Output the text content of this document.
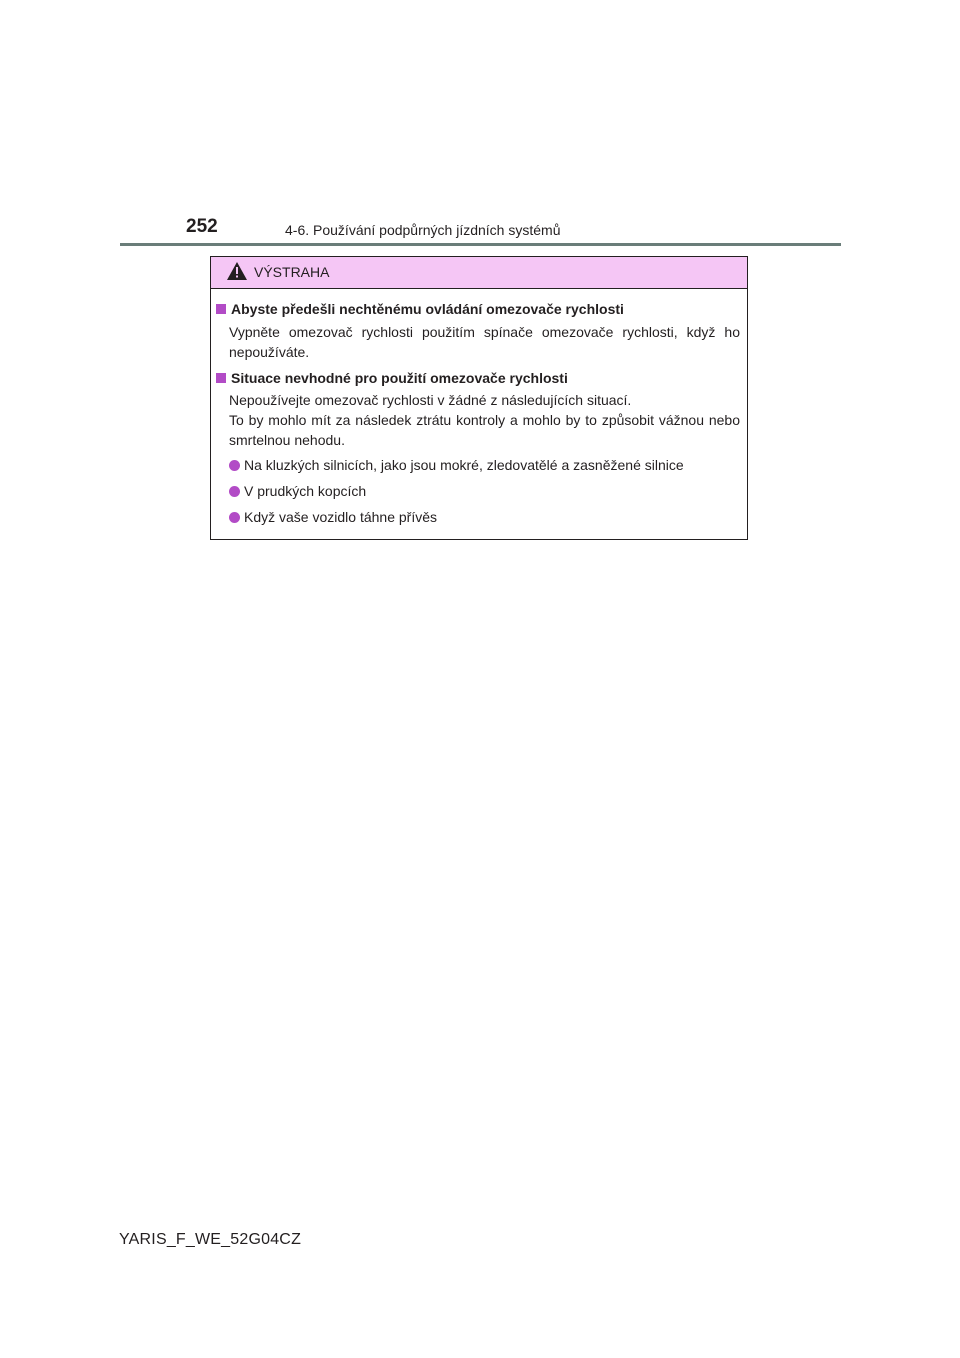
252	4-6. Používání podpůrných jízdních systémů
VÝSTRAHA
Abyste předešli nechtěnému ovládání omezovače rychlosti
Vypněte omezovač rychlosti použitím spínače omezovače rychlosti, když ho nepoužíváte.
Situace nevhodné pro použití omezovače rychlosti
Nepoužívejte omezovač rychlosti v žádné z následujících situací.
To by mohlo mít za následek ztrátu kontroly a mohlo by to způsobit vážnou nebo smrtelnou nehodu.
Na kluzkých silnicích, jako jsou mokré, zledovatělé a zasněžené silnice
V prudkých kopcích
Když vaše vozidlo táhne přívěs
YARIS_F_WE_52G04CZ
